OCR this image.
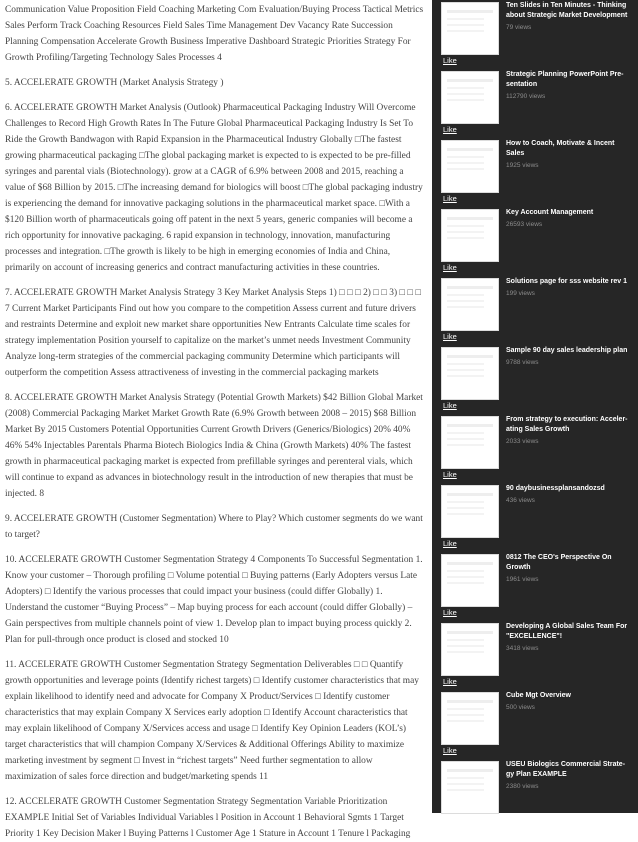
Communication Value Proposition Field Coaching Marketing Com Evaluation/Buying Process Tactical Metrics Sales Perform Track Coaching Resources Field Sales Time Management Dev Vacancy Rate Succession Planning Compensation Accelerate Growth Business Imperative Dashboard Strategic Priorities Strategy For Growth Profiling/Targeting Technology Sales Processes 4

5. ACCELERATE GROWTH (Market Analysis Strategy )

6. ACCELERATE GROWTH Market Analysis (Outlook) Pharmaceutical Packaging Industry Will Overcome Challenges to Record High Growth Rates In The Future Global Pharmaceutical Packaging Industry Is Set To Ride the Growth Bandwagon with Rapid Expansion in the Pharmaceutical Industry Globally □The fastest growing pharmaceutical packaging □The global packaging market is expected to is expected to be pre-filled syringes and parental vials (Biotechnology). grow at a CAGR of 6.9% between 2008 and 2015, reaching a value of $68 Billion by 2015. □The increasing demand for biologics will boost □The global packaging industry is experiencing the demand for innovative packaging solutions in the pharmaceutical market space. □With a $120 Billion worth of pharmaceuticals going off patent in the next 5 years, generic companies will become a rich opportunity for innovative packaging. 6 rapid expansion in technology, innovation, manufacturing processes and integration. □The growth is likely to be high in emerging economies of India and China, primarily on account of increasing generics and contract manufacturing activities in these countries.

7. ACCELERATE GROWTH Market Analysis Strategy 3 Key Market Analysis Steps 1) □ □ □ 2) □ □ 3) □ □ □ 7 Current Market Participants Find out how you compare to the competition Assess current and future drivers and restraints Determine and exploit new market share opportunities New Entrants Calculate time scales for strategy implementation Position yourself to capitalize on the market’s unmet needs Investment Community Analyze long-term strategies of the commercial packaging community Determine which participants will outperform the competition Assess attractiveness of investing in the commercial packaging markets

8. ACCELERATE GROWTH Market Analysis Strategy (Potential Growth Markets) $42 Billion Global Market (2008) Commercial Packaging Market Market Growth Rate (6.9% Growth between 2008 – 2015) $68 Billion Market By 2015 Customers Potential Opportunities Current Growth Drivers (Generics/Biologics) 20% 40% 46% 54% Injectables Parentals Pharma Biotech Biologics India & China (Growth Markets) 40% The fastest growth in pharmaceutical packaging market is expected from prefillable syringes and perenteral vials, which will continue to expand as advances in biotechnology result in the introduction of new therapies that must be injected. 8

9. ACCELERATE GROWTH (Customer Segmentation) Where to Play? Which customer segments do we want to target?

10. ACCELERATE GROWTH Customer Segmentation Strategy 4 Components To Successful Segmentation 1. Know your customer – Thorough profiling □ Volume potential □ Buying patterns (Early Adopters versus Late Adopters) □ Identify the various processes that could impact your business (could differ Globally) 1. Understand the customer “Buying Process” – Map buying process for each account (could differ Globally) – Gain perspectives from multiple channels point of view 1. Develop plan to impact buying process quickly 2. Plan for pull-through once product is closed and stocked 10

11. ACCELERATE GROWTH Customer Segmentation Strategy Segmentation Deliverables □ □ Quantify growth opportunities and leverage points (Identify richest targets) □ Identify customer characteristics that may explain likelihood to identify need and advocate for Company X Product/Services □ Identify customer characteristics that may explain Company X Services early adoption □ Identify Account characteristics that may explain likelihood of Company X/Services access and usage □ Identify Key Opinion Leaders (KOL’s) target characteristics that will champion Company X/Services & Additional Offerings Ability to maximize marketing investment by segment □ Invest in “richest targets” Need further segmentation to allow maximization of sales force direction and budget/marketing spends 11

12. ACCELERATE GROWTH Customer Segmentation Strategy Segmentation Variable Prioritization EXAMPLE Initial Set of Variables Individual Variables l Position in Account 1 Behavioral Sgmts 1 Target Priority 1 Key Decision Maker l Buying Patterns l Customer Age 1 Stature in Account 1 Tenure l Packaging

Ten Slides in Ten Minutes - Thinking about Strategic Market Development
79 views
Like
Strategic Planning PowerPoint Pre-sentation
112790 views
Like
How to Coach, Motivate & Incent Sales
1925 views
Like
Key Account Management
26593 views
Like
Solutions page for sss website rev 1
199 views
Like
Sample 90 day sales leadership plan
9788 views
Like
From strategy to execution: Acceler-ating Sales Growth
2033 views
Like
90 daybusinessplansandozsd
436 views
Like
0812 The CEO's Perspective On Growth
1961 views
Like
Developing A Global Sales Team For "EXCELLENCE"!
3418 views
Like
Cube Mgt Overview
500 views
Like
USEU Biologics Commercial Strate-gy Plan EXAMPLE
2380 views
